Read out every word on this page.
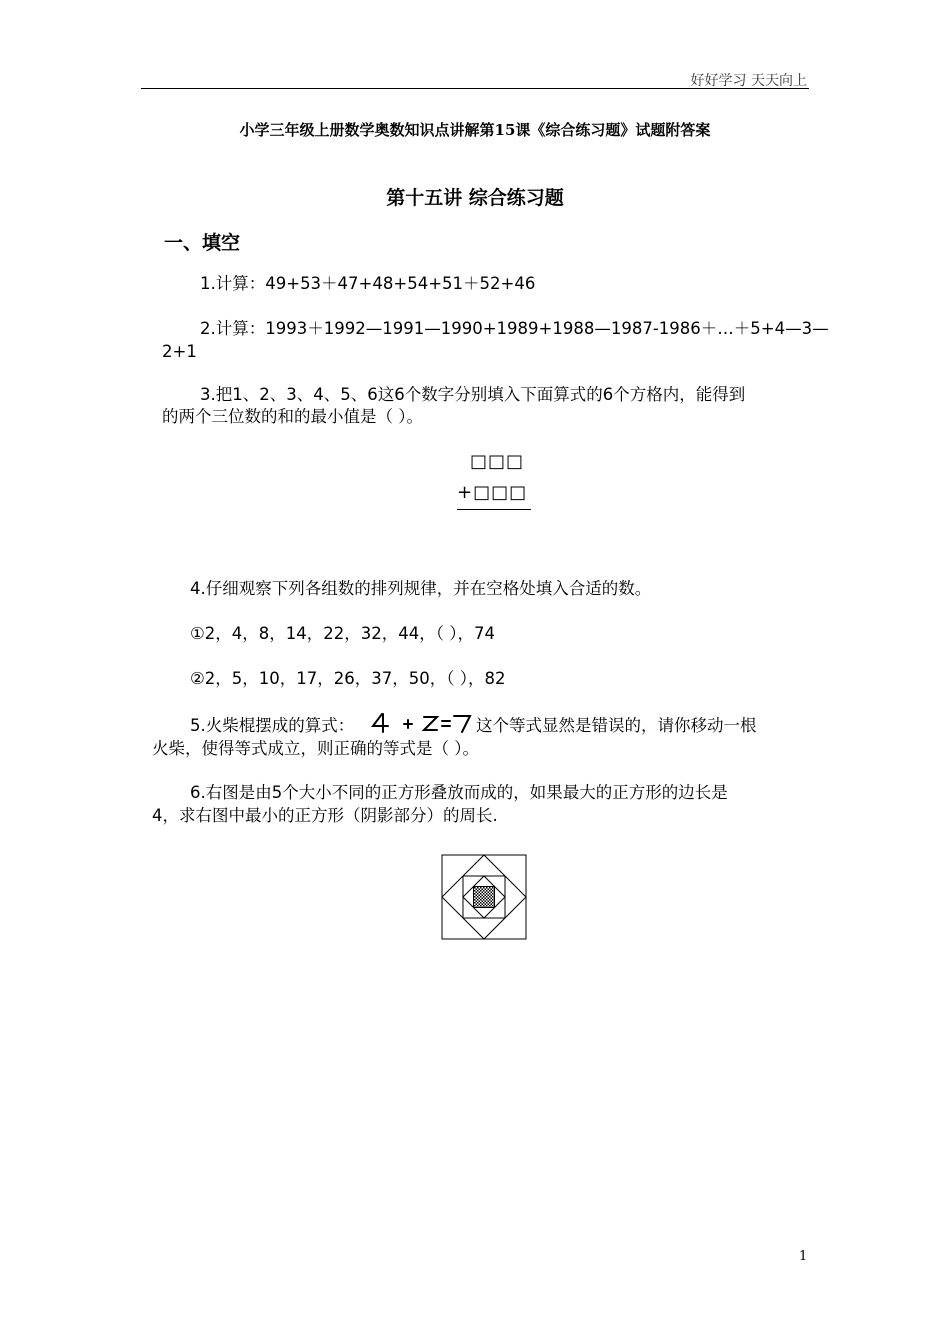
好好学习 天天向上
小学三年级上册数学奥数知识点讲解第15课《综合练习题》试题附答案
第十五讲 综合练习题
一、填空
1.计算：49+53＋47+48+54+51＋52+46
2.计算：1993＋1992—1991—1990+1989+1988—1987-1986＋…＋5+4—3—
2+1
3.把1、2、3、4、5、6这6个数字分别填入下面算式的6个方格内，能得到
的两个三位数的和的最小值是（ ）。
□□□
+□□□
4.仔细观察下列各组数的排列规律，并在空格处填入合适的数。
①2，4，8，14，22，32，44，（ ），74
②2，5，10，17，26，37，50，（ ），82
5.火柴棍摆成的算式：	这个等式显然是错误的，请你移动一根
火柴，使得等式成立，则正确的等式是（ ）。
6.右图是由5个大小不同的正方形叠放而成的，如果最大的正方形的边长是
4，求右图中最小的正方形（阴影部分）的周长.
1
